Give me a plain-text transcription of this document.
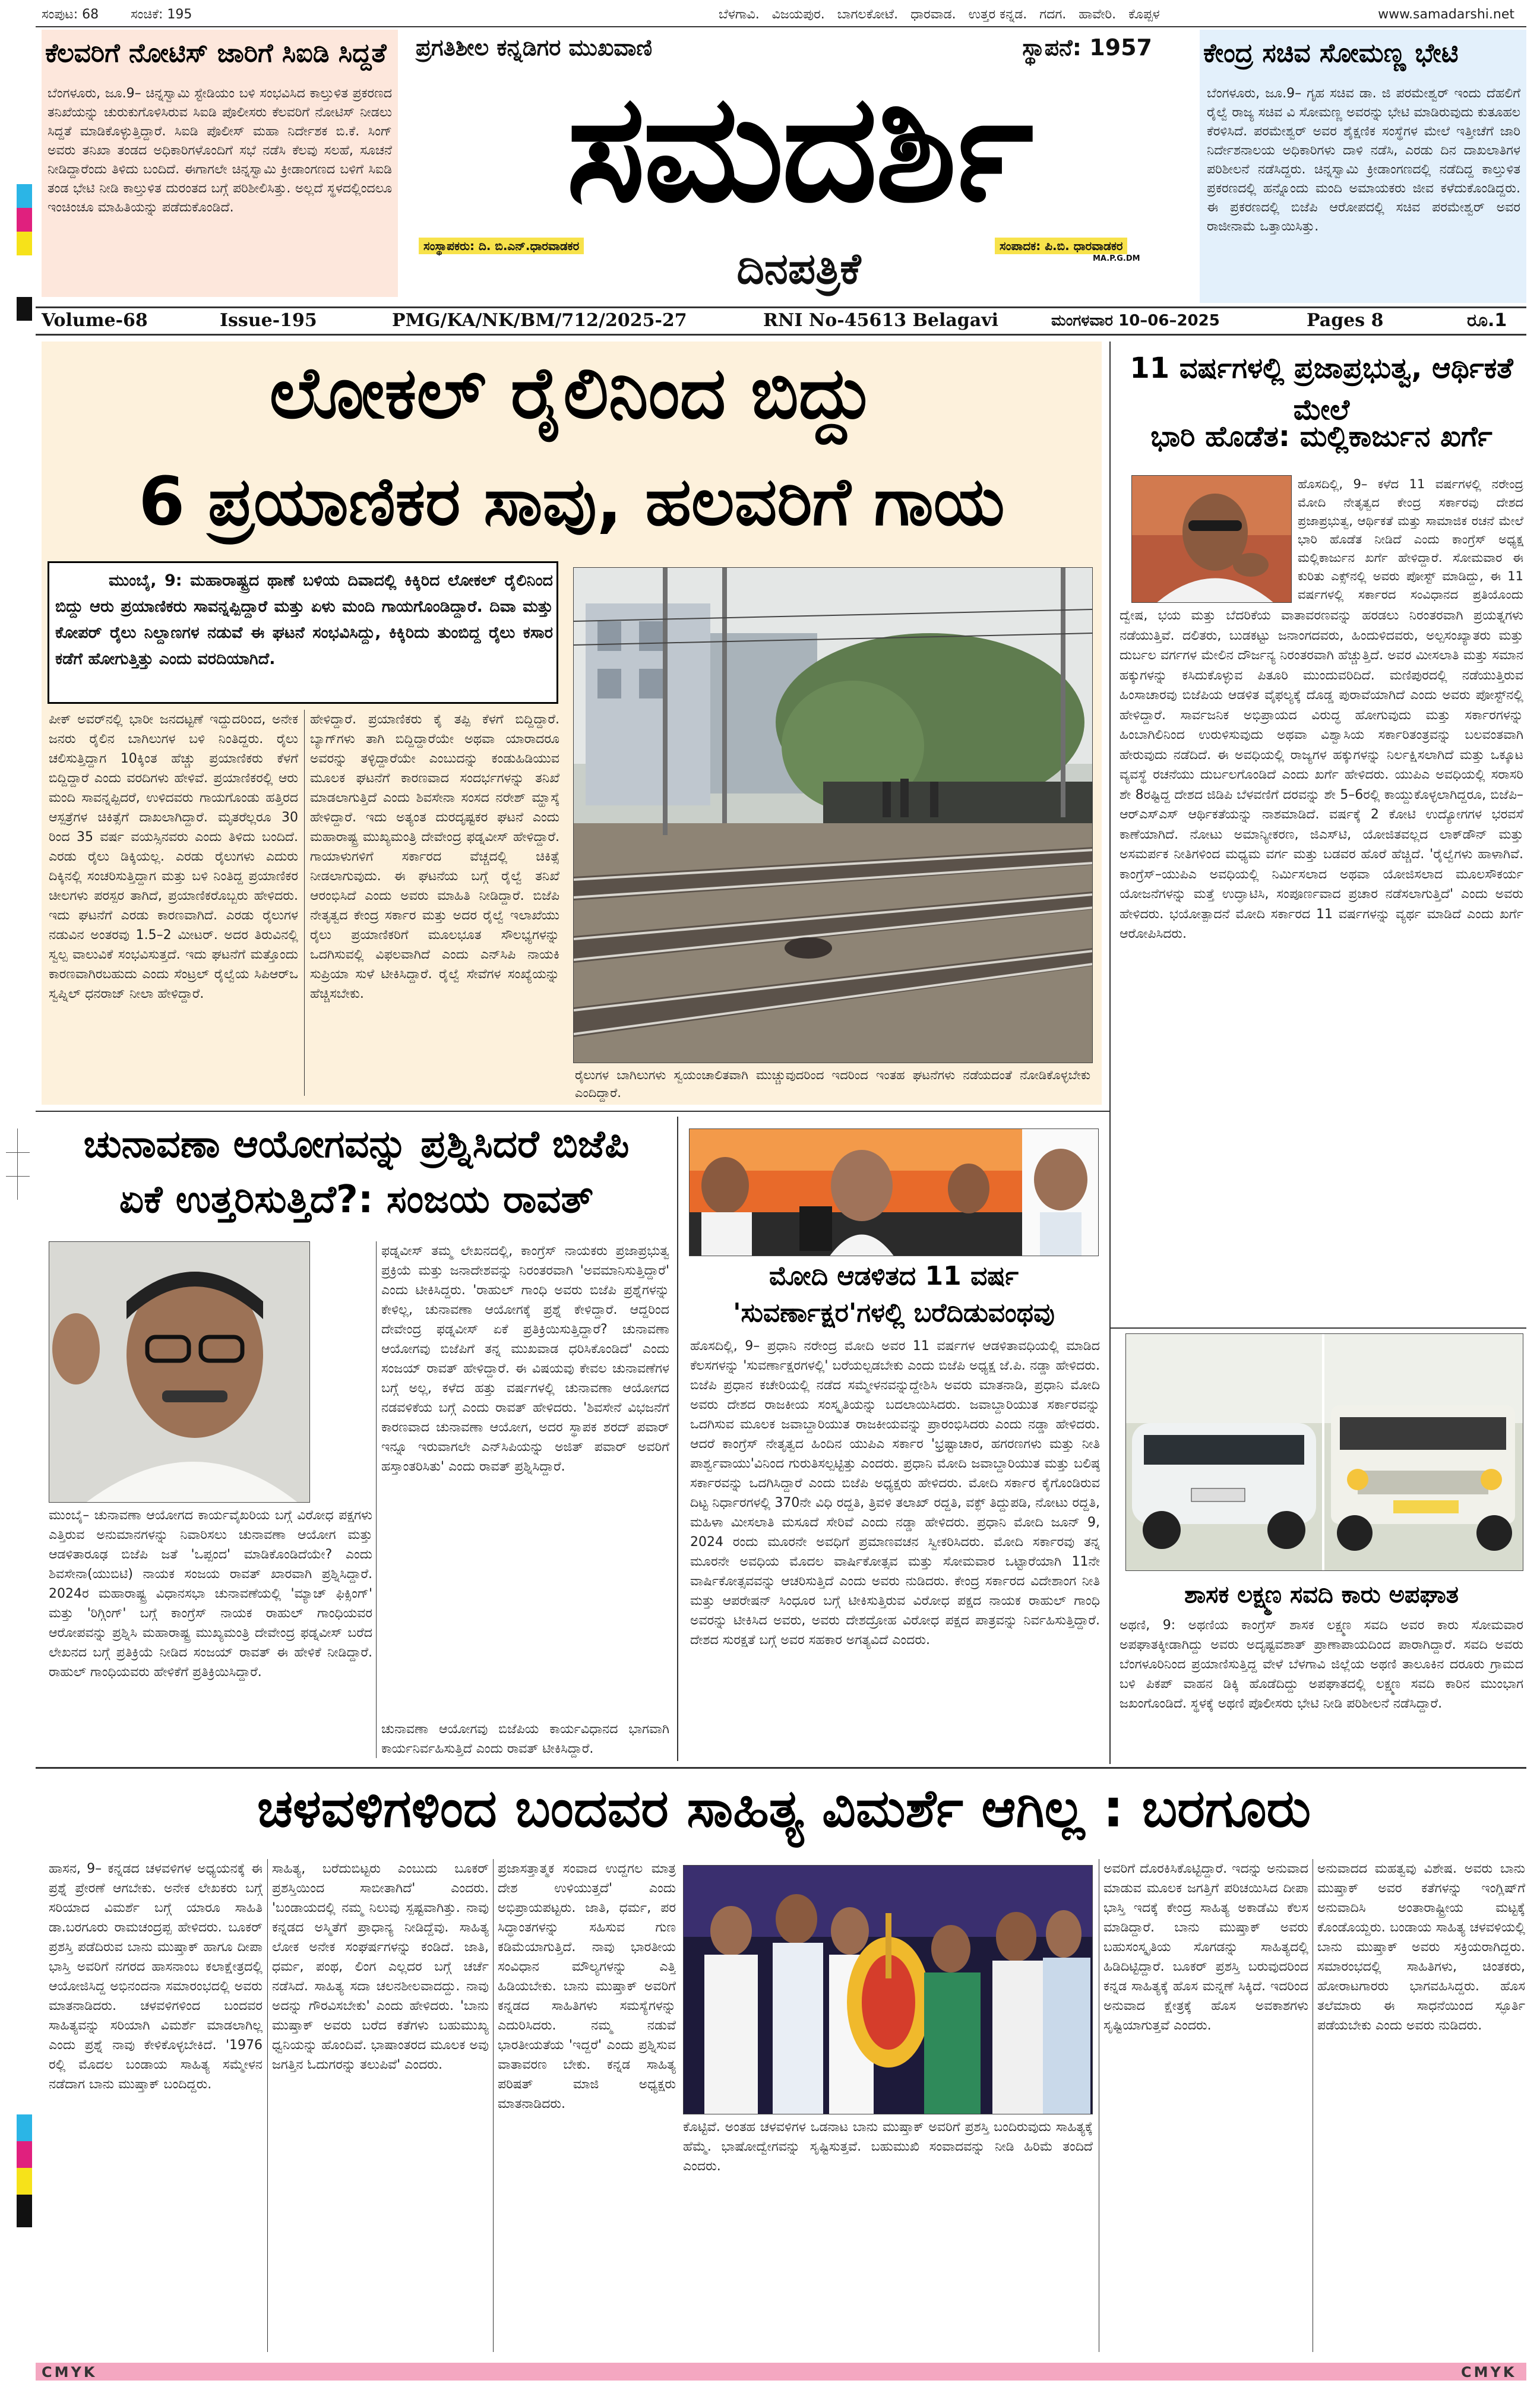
ಸಂಪುಟ: 68 ಸಂಚಿಕೆ: 195	ಬೆಳಗಾವಿ.   ವಿಜಯಪುರ.   ಬಾಗಲಕೋಟೆ.   ಧಾರವಾಡ.   ಉತ್ತರ ಕನ್ನಡ.   ಗದಗ.   ಹಾವೇರಿ.   ಕೊಪ್ಪಳ	www.samadarshi.net
ಕೆಲವರಿಗೆ ನೋಟಿಸ್ ಜಾರಿಗೆ ಸಿಐಡಿ ಸಿದ್ದತೆ
ಬೆಂಗಳೂರು, ಜೂ.9– ಚಿನ್ನಸ್ವಾಮಿ ಸ್ಟೇಡಿಯಂ ಬಳಿ ಸಂಭವಿಸಿದ ಕಾಲ್ತುಳಿತ ಪ್ರಕರಣದ ತನಿಖೆಯನ್ನು ಚುರುಕುಗೊಳಿಸಿರುವ ಸಿಐಡಿ ಪೊಲೀಸರು ಕೆಲವರಿಗೆ ನೋಟಿಸ್ ನೀಡಲು ಸಿದ್ದತೆ ಮಾಡಿಕೊಳ್ಳುತ್ತಿದ್ದಾರೆ. ಸಿಐಡಿ ಪೊಲೀಸ್ ಮಹಾ ನಿರ್ದೇಶಕ ಬಿ.ಕೆ. ಸಿಂಗ್ ಅವರು ತನಿಖಾ ತಂಡದ ಅಧಿಕಾರಿಗಳೊಂದಿಗೆ ಸಭೆ ನಡೆಸಿ ಕೆಲವು ಸಲಹೆ, ಸೂಚನೆ ನೀಡಿದ್ದಾರೆಂದು ತಿಳಿದು ಬಂದಿದೆ. ಈಗಾಗಲೇ ಚಿನ್ನಸ್ವಾಮಿ ಕ್ರೀಡಾಂಗಣದ ಬಳಿಗೆ ಸಿಐಡಿ ತಂಡ ಭೇಟಿ ನೀಡಿ ಕಾಲ್ತುಳಿತ ದುರಂತದ ಬಗ್ಗೆ ಪರಿಶೀಲಿಸಿತ್ತು. ಅಲ್ಲದೆ ಸ್ಥಳದಲ್ಲಿಂದಲೂ ಇಂಚಿಂಚೂ ಮಾಹಿತಿಯನ್ನು ಪಡೆದುಕೊಂಡಿದೆ.
ಪ್ರಗತಿಶೀಲ ಕನ್ನಡಿಗರ ಮುಖವಾಣಿ	ಸ್ಥಾಪನೆ: 1957
ಸಮದರ್ಶಿ
ಸಂಸ್ಥಾಪಕರು: ದಿ. ಬಿ.ಎನ್.ಧಾರವಾಡಕರ	ದಿನಪತ್ರಿಕೆ	ಸಂಪಾದಕ: ಪಿ.ಬಿ. ಧಾರವಾಡಕರ
MA.P.G.DM
ಕೇಂದ್ರ ಸಚಿವ ಸೋಮಣ್ಣ ಭೇಟಿ
ಬೆಂಗಳೂರು, ಜೂ.9– ಗೃಹ ಸಚಿವ ಡಾ. ಜಿ ಪರಮೇಶ್ವರ್ ಇಂದು ದೆಹಲಿಗೆ ರೈಲ್ವೆ ರಾಜ್ಯ ಸಚಿವ ವಿ ಸೋಮಣ್ಣ ಅವರನ್ನು ಭೇಟಿ ಮಾಡಿರುವುದು ಕುತೂಹಲ ಕೆರಳಿಸಿದೆ. ಪರಮೇಶ್ವರ್ ಅವರ ಶೈಕ್ಷಣಿಕ ಸಂಸ್ಥೆಗಳ ಮೇಲೆ ಇತ್ತೀಚೆಗೆ ಜಾರಿ ನಿರ್ದೇಶನಾಲಯ ಅಧಿಕಾರಿಗಳು ದಾಳಿ ನಡೆಸಿ, ಎರಡು ದಿನ ದಾಖಲಾತಿಗಳ ಪರಿಶೀಲನೆ ನಡೆಸಿದ್ದರು. ಚಿನ್ನಸ್ವಾಮಿ ಕ್ರೀಡಾಂಗಣದಲ್ಲಿ ನಡೆದಿದ್ದ ಕಾಲ್ತುಳಿತ ಪ್ರಕರಣದಲ್ಲಿ ಹನ್ನೊಂದು ಮಂದಿ ಅಮಾಯಕರು ಜೀವ ಕಳೆದುಕೊಂಡಿದ್ದರು. ಈ ಪ್ರಕರಣದಲ್ಲಿ ಬಿಜೆಪಿ ಆರೋಪದಲ್ಲಿ ಸಚಿವ ಪರಮೇಶ್ವರ್ ಅವರ ರಾಜೀನಾಮೆ ಒತ್ತಾಯಿಸಿತ್ತು.
Volume-68	Issue-195	PMG/KA/NK/BM/712/2025-27	RNI No-45613 Belagavi	ಮಂಗಳವಾರ 10–06–2025	Pages 8	ರೂ.1
ಲೋಕಲ್ ರೈಲಿನಿಂದ ಬಿದ್ದು
6 ಪ್ರಯಾಣಿಕರ ಸಾವು, ಹಲವರಿಗೆ ಗಾಯ
ಮುಂಬೈ, 9: ಮಹಾರಾಷ್ಟ್ರದ ಥಾಣೆ ಬಳಿಯ ದಿವಾದಲ್ಲಿ ಕಿಕ್ಕಿರಿದ ಲೋಕಲ್ ರೈಲಿನಿಂದ ಬಿದ್ದು ಆರು ಪ್ರಯಾಣಿಕರು ಸಾವನ್ನಪ್ಪಿದ್ದಾರೆ ಮತ್ತು ಏಳು ಮಂದಿ ಗಾಯಗೊಂಡಿದ್ದಾರೆ. ದಿವಾ ಮತ್ತು ಕೋಪರ್ ರೈಲು ನಿಲ್ದಾಣಗಳ ನಡುವೆ ಈ ಘಟನೆ ಸಂಭವಿಸಿದ್ದು, ಕಿಕ್ಕಿರಿದು ತುಂಬಿದ್ದ ರೈಲು ಕಸಾರ ಕಡೆಗೆ ಹೋಗುತ್ತಿತ್ತು ಎಂದು ವರದಿಯಾಗಿದೆ.
ಪೀಕ್ ಅವರ್‌ನಲ್ಲಿ ಭಾರೀ ಜನದಟ್ಟಣೆ ಇದ್ದುದರಿಂದ, ಅನೇಕ ಜನರು ರೈಲಿನ ಬಾಗಿಲುಗಳ ಬಳಿ ನಿಂತಿದ್ದರು. ರೈಲು ಚಲಿಸುತ್ತಿದ್ದಾಗ 10ಕ್ಕಿಂತ ಹೆಚ್ಚು ಪ್ರಯಾಣಿಕರು ಕೆಳಗೆ ಬಿದ್ದಿದ್ದಾರೆ ಎಂದು ವರದಿಗಳು ಹೇಳಿವೆ. ಪ್ರಯಾಣಿಕರಲ್ಲಿ ಆರು ಮಂದಿ ಸಾವನ್ನಪ್ಪಿದರೆ, ಉಳಿದವರು ಗಾಯಗೊಂಡು ಹತ್ತಿರದ ಆಸ್ಪತ್ರೆಗಳ ಚಿಕಿತ್ಸೆಗೆ ದಾಖಲಾಗಿದ್ದಾರೆ. ಮೃತರೆಲ್ಲರೂ 30 ರಿಂದ 35 ವರ್ಷ ವಯಸ್ಸಿನವರು ಎಂದು ತಿಳಿದು ಬಂದಿದೆ. ಎರಡು ರೈಲು ಡಿಕ್ಕಿಯಲ್ಲ. ಎರಡು ರೈಲುಗಳು ಎದುರು ದಿಕ್ಕಿನಲ್ಲಿ ಸಂಚರಿಸುತ್ತಿದ್ದಾಗ ಮತ್ತು ಬಳಿ ನಿಂತಿದ್ದ ಪ್ರಯಾಣಿಕರ ಚೀಲಗಳು ಪರಸ್ಪರ ತಾಗಿದೆ, ಪ್ರಯಾಣಿಕರೊಬ್ಬರು ಹೇಳಿದರು. ಇದು ಘಟನೆಗೆ ಎರಡು ಕಾರಣವಾಗಿದೆ. ಎರಡು ರೈಲುಗಳ ನಡುವಿನ ಅಂತರವು 1.5–2 ಮೀಟರ್. ಅದರ ತಿರುವಿನಲ್ಲಿ ಸ್ವಲ್ಪ ವಾಲುವಿಕೆ ಸಂಭವಿಸುತ್ತದೆ. ಇದು ಘಟನೆಗೆ ಮತ್ತೊಂದು ಕಾರಣವಾಗಿರಬಹುದು ಎಂದು ಸೆಂಟ್ರಲ್ ರೈಲ್ವೆಯ ಸಿಪಿಆರ್‌ಒ ಸ್ವಪ್ನಿಲ್ ಧನರಾಜ್ ನೀಲಾ ಹೇಳಿದ್ದಾರೆ.
ಹೇಳಿದ್ದಾರೆ. ಪ್ರಯಾಣಿಕರು ಕೈ ತಪ್ಪಿ ಕೆಳಗೆ ಬಿದ್ದಿದ್ದಾರೆ. ಬ್ಯಾಗ್‌ಗಳು ತಾಗಿ ಬಿದ್ದಿದ್ದಾರೆಯೇ ಅಥವಾ ಯಾರಾದರೂ ಅವರನ್ನು ತಳ್ಳಿದ್ದಾರೆಯೇ ಎಂಬುದನ್ನು ಕಂಡುಹಿಡಿಯುವ ಮೂಲಕ ಘಟನೆಗೆ ಕಾರಣವಾದ ಸಂದರ್ಭಗಳನ್ನು ತನಿಖೆ ಮಾಡಲಾಗುತ್ತಿದೆ ಎಂದು ಶಿವಸೇನಾ ಸಂಸದ ನರೇಶ್ ಮ್ಹಾಸ್ಕೆ ಹೇಳಿದ್ದಾರೆ. ಇದು ಅತ್ಯಂತ ದುರದೃಷ್ಟಕರ ಘಟನೆ ಎಂದು ಮಹಾರಾಷ್ಟ್ರ ಮುಖ್ಯಮಂತ್ರಿ ದೇವೇಂದ್ರ ಫಡ್ನವೀಸ್ ಹೇಳಿದ್ದಾರೆ. ಗಾಯಾಳುಗಳಿಗೆ ಸರ್ಕಾರದ ವೆಚ್ಚದಲ್ಲಿ ಚಿಕಿತ್ಸೆ ನೀಡಲಾಗುವುದು. ಈ ಘಟನೆಯ ಬಗ್ಗೆ ರೈಲ್ವೆ ತನಿಖೆ ಆರಂಭಿಸಿದೆ ಎಂದು ಅವರು ಮಾಹಿತಿ ನೀಡಿದ್ದಾರೆ. ಬಿಜೆಪಿ ನೇತೃತ್ವದ ಕೇಂದ್ರ ಸರ್ಕಾರ ಮತ್ತು ಅದರ ರೈಲ್ವೆ ಇಲಾಖೆಯು ರೈಲು ಪ್ರಯಾಣಿಕರಿಗೆ ಮೂಲಭೂತ ಸೌಲಭ್ಯಗಳನ್ನು ಒದಗಿಸುವಲ್ಲಿ ವಿಫಲವಾಗಿದೆ ಎಂದು ಎನ್‌ಸಿಪಿ ನಾಯಕಿ ಸುಪ್ರಿಯಾ ಸುಳೆ ಟೀಕಿಸಿದ್ದಾರೆ. ರೈಲ್ವೆ ಸೇವೆಗಳ ಸಂಖ್ಯೆಯನ್ನು ಹೆಚ್ಚಿಸಬೇಕು.
ರೈಲುಗಳ ಬಾಗಿಲುಗಳು ಸ್ವಯಂಚಾಲಿತವಾಗಿ ಮುಚ್ಚುವುದರಿಂದ ಇದರಿಂದ ಇಂತಹ ಘಟನೆಗಳು ನಡೆಯದಂತೆ ನೋಡಿಕೊಳ್ಳಬೇಕು ಎಂದಿದ್ದಾರೆ.
11 ವರ್ಷಗಳಲ್ಲಿ ಪ್ರಜಾಪ್ರಭುತ್ವ, ಆರ್ಥಿಕತೆ ಮೇಲೆ
ಭಾರಿ ಹೊಡೆತ: ಮಲ್ಲಿಕಾರ್ಜುನ ಖರ್ಗೆ
ಹೊಸದಿಲ್ಲಿ, 9– ಕಳೆದ 11 ವರ್ಷಗಳಲ್ಲಿ ನರೇಂದ್ರ ಮೋದಿ ನೇತೃತ್ವದ ಕೇಂದ್ರ ಸರ್ಕಾರವು ದೇಶದ ಪ್ರಜಾಪ್ರಭುತ್ವ, ಆರ್ಥಿಕತೆ ಮತ್ತು ಸಾಮಾಜಿಕ ರಚನೆ ಮೇಲೆ ಭಾರಿ ಹೊಡೆತ ನೀಡಿದೆ ಎಂದು ಕಾಂಗ್ರೆಸ್ ಅಧ್ಯಕ್ಷ ಮಲ್ಲಿಕಾರ್ಜುನ ಖರ್ಗೆ ಹೇಳಿದ್ದಾರೆ. ಸೋಮವಾರ ಈ ಕುರಿತು ಎಕ್ಸ್‌ನಲ್ಲಿ ಅವರು ಪೋಸ್ಟ್ ಮಾಡಿದ್ದು, ಈ 11 ವರ್ಷಗಳಲ್ಲಿ ಸರ್ಕಾರದ ಸಂವಿಧಾನದ ಪ್ರತಿಯೊಂದು
ದ್ವೇಷ, ಭಯ ಮತ್ತು ಬೆದರಿಕೆಯ ವಾತಾವರಣವನ್ನು ಹರಡಲು ನಿರಂತರವಾಗಿ ಪ್ರಯತ್ನಗಳು ನಡೆಯುತ್ತಿವೆ. ದಲಿತರು, ಬುಡಕಟ್ಟು ಜನಾಂಗದವರು, ಹಿಂದುಳಿದವರು, ಅಲ್ಪಸಂಖ್ಯಾತರು ಮತ್ತು ದುರ್ಬಲ ವರ್ಗಗಳ ಮೇಲಿನ ದೌರ್ಜನ್ಯ ನಿರಂತರವಾಗಿ ಹೆಚ್ಚುತ್ತಿದೆ. ಅವರ ಮೀಸಲಾತಿ ಮತ್ತು ಸಮಾನ ಹಕ್ಕುಗಳನ್ನು ಕಸಿದುಕೊಳ್ಳುವ ಪಿತೂರಿ ಮುಂದುವರಿದಿದೆ. ಮಣಿಪುರದಲ್ಲಿ ನಡೆಯುತ್ತಿರುವ ಹಿಂಸಾಚಾರವು ಬಿಜೆಪಿಯ ಆಡಳಿತ ವೈಫಲ್ಯಕ್ಕೆ ದೊಡ್ಡ ಪುರಾವೆಯಾಗಿದೆ ಎಂದು ಅವರು ಪೋಸ್ಟ್‌ನಲ್ಲಿ ಹೇಳಿದ್ದಾರೆ. ಸಾರ್ವಜನಿಕ ಅಭಿಪ್ರಾಯದ ವಿರುದ್ಧ ಹೋಗುವುದು ಮತ್ತು ಸರ್ಕಾರಗಳನ್ನು ಹಿಂಬಾಗಿಲಿನಿಂದ ಉರುಳಿಸುವುದು ಅಥವಾ ವಿಶ್ವಾಸಿಯ ಸರ್ಕಾರಿತಂತ್ರವನ್ನು ಬಲವಂತವಾಗಿ ಹೇರುವುದು ನಡೆದಿದೆ. ಈ ಅವಧಿಯಲ್ಲಿ ರಾಜ್ಯಗಳ ಹಕ್ಕುಗಳನ್ನು ನಿರ್ಲಕ್ಷಿಸಲಾಗಿದೆ ಮತ್ತು ಒಕ್ಕೂಟ ವ್ಯವಸ್ಥೆ ರಚನೆಯು ದುರ್ಬಲಗೊಂಡಿದೆ ಎಂದು ಖರ್ಗೆ ಹೇಳಿದರು. ಯುಪಿಎ ಅವಧಿಯಲ್ಲಿ ಸರಾಸರಿ ಶೇ 8ರಷ್ಟಿದ್ದ ದೇಶದ ಜಿಡಿಪಿ ಬೆಳವಣಿಗೆ ದರವನ್ನು ಶೇ 5–6ರಲ್ಲಿ ಕಾಯ್ದುಕೊಳ್ಳಲಾಗಿದ್ದರೂ, ಬಿಜೆಪಿ–ಆರ್‌ಎಸ್‌ಎಸ್ ಆರ್ಥಿಕತೆಯನ್ನು ನಾಶಮಾಡಿದೆ. ವರ್ಷಕ್ಕೆ 2 ಕೋಟಿ ಉದ್ಯೋಗಗಳ ಭರವಸೆ ಕಾಣೆಯಾಗಿದೆ. ನೋಟು ಅಮಾನ್ಯೀಕರಣ, ಜಿಎಸ್‌ಟಿ, ಯೋಜಿತವಲ್ಲದ ಲಾಕ್‌ಡೌನ್ ಮತ್ತು ಅಸಮರ್ಪಕ ನೀತಿಗಳಿಂದ ಮಧ್ಯಮ ವರ್ಗ ಮತ್ತು ಬಡವರ ಹೊರೆ ಹೆಚ್ಚಿದೆ. 'ರೈಲ್ವೆಗಳು ಹಾಳಾಗಿವೆ. ಕಾಂಗ್ರೆಸ್–ಯುಪಿಎ ಅವಧಿಯಲ್ಲಿ ನಿರ್ಮಿಸಲಾದ ಅಥವಾ ಯೋಜಿಸಲಾದ ಮೂಲಸೌಕರ್ಯ ಯೋಜನೆಗಳನ್ನು ಮತ್ತೆ ಉದ್ಘಾಟಿಸಿ, ಸಂಪೂರ್ಣವಾದ ಪ್ರಚಾರ ನಡೆಸಲಾಗುತ್ತಿದೆ' ಎಂದು ಅವರು ಹೇಳಿದರು. ಭಯೋತ್ಪಾದನೆ ಮೋದಿ ಸರ್ಕಾರದ 11 ವರ್ಷಗಳನ್ನು ವ್ಯರ್ಥ ಮಾಡಿದೆ ಎಂದು ಖರ್ಗೆ ಆರೋಪಿಸಿದರು.
ಚುನಾವಣಾ ಆಯೋಗವನ್ನು ಪ್ರಶ್ನಿಸಿದರೆ ಬಿಜೆಪಿ
ಏಕೆ ಉತ್ತರಿಸುತ್ತಿದೆ?: ಸಂಜಯ ರಾವತ್
ಮುಂಬೈ– ಚುನಾವಣಾ ಆಯೋಗದ ಕಾರ್ಯವೈಖರಿಯ ಬಗ್ಗೆ ವಿರೋಧ ಪಕ್ಷಗಳು ಎತ್ತಿರುವ ಅನುಮಾನಗಳನ್ನು ನಿವಾರಿಸಲು ಚುನಾವಣಾ ಆಯೋಗ ಮತ್ತು ಆಡಳಿತಾರೂಢ ಬಿಜೆಪಿ ಜತೆ 'ಒಪ್ಪಂದ' ಮಾಡಿಕೊಂಡಿದೆಯೇ? ಎಂದು ಶಿವಸೇನಾ(ಯುಬಿಟಿ) ನಾಯಕ ಸಂಜಯ ರಾವತ್ ಖಾರವಾಗಿ ಪ್ರಶ್ನಿಸಿದ್ದಾರೆ. 2024ರ ಮಹಾರಾಷ್ಟ್ರ ವಿಧಾನಸಭಾ ಚುನಾವಣೆಯಲ್ಲಿ 'ಮ್ಯಾಚ್ ಫಿಕ್ಸಿಂಗ್' ಮತ್ತು 'ರಿಗ್ಗಿಂಗ್' ಬಗ್ಗೆ ಕಾಂಗ್ರೆಸ್ ನಾಯಕ ರಾಹುಲ್ ಗಾಂಧಿಯವರ ಆರೋಪವನ್ನು ಪ್ರಶ್ನಿಸಿ ಮಹಾರಾಷ್ಟ್ರ ಮುಖ್ಯಮಂತ್ರಿ ದೇವೇಂದ್ರ ಫಡ್ನವೀಸ್ ಬರೆದ ಲೇಖನದ ಬಗ್ಗೆ ಪ್ರತಿಕ್ರಿಯೆ ನೀಡಿದ ಸಂಜಯ್ ರಾವತ್ ಈ ಹೇಳಿಕೆ ನೀಡಿದ್ದಾರೆ. ರಾಹುಲ್ ಗಾಂಧಿಯವರು ಹೇಳಿಕೆಗೆ ಪ್ರತಿಕ್ರಿಯಿಸಿದ್ದಾರೆ.
ಫಡ್ನವೀಸ್ ತಮ್ಮ ಲೇಖನದಲ್ಲಿ, ಕಾಂಗ್ರೆಸ್ ನಾಯಕರು ಪ್ರಜಾಪ್ರಭುತ್ವ ಪ್ರಕ್ರಿಯೆ ಮತ್ತು ಜನಾದೇಶವನ್ನು ನಿರಂತರವಾಗಿ 'ಅವಮಾನಿಸುತ್ತಿದ್ದಾರೆ' ಎಂದು ಟೀಕಿಸಿದ್ದರು. 'ರಾಹುಲ್ ಗಾಂಧಿ ಅವರು ಬಿಜೆಪಿ ಪ್ರಶ್ನೆಗಳನ್ನು ಕೇಳಿಲ್ಲ, ಚುನಾವಣಾ ಆಯೋಗಕ್ಕೆ ಪ್ರಶ್ನೆ ಕೇಳಿದ್ದಾರೆ. ಆದ್ದರಿಂದ ದೇವೇಂದ್ರ ಫಡ್ನವೀಸ್ ಏಕೆ ಪ್ರತಿಕ್ರಿಯಿಸುತ್ತಿದ್ದಾರೆ? ಚುನಾವಣಾ ಆಯೋಗವು ಬಿಜೆಪಿಗೆ ತನ್ನ ಮುಖವಾಡ ಧರಿಸಿಕೊಂಡಿದೆ' ಎಂದು ಸಂಜಯ್ ರಾವತ್ ಹೇಳಿದ್ದಾರೆ. ಈ ವಿಷಯವು ಕೇವಲ ಚುನಾವಣೆಗಳ ಬಗ್ಗೆ ಅಲ್ಲ, ಕಳೆದ ಹತ್ತು ವರ್ಷಗಳಲ್ಲಿ ಚುನಾವಣಾ ಆಯೋಗದ ನಡವಳಿಕೆಯ ಬಗ್ಗೆ ಎಂದು ರಾವತ್ ಹೇಳಿದರು. 'ಶಿವಸೇನೆ ವಿಭಜನೆಗೆ ಕಾರಣವಾದ ಚುನಾವಣಾ ಆಯೋಗ, ಅದರ ಸ್ಥಾಪಕ ಶರದ್ ಪವಾರ್ ಇನ್ನೂ ಇರುವಾಗಲೇ ಎನ್‌ಸಿಪಿಯನ್ನು ಅಜಿತ್ ಪವಾರ್ ಅವರಿಗೆ ಹಸ್ತಾಂತರಿಸಿತು' ಎಂದು ರಾವತ್ ಪ್ರಶ್ನಿಸಿದ್ದಾರೆ.
ಚುನಾವಣಾ ಆಯೋಗವು ಬಿಜೆಪಿಯ ಕಾರ್ಯವಿಧಾನದ ಭಾಗವಾಗಿ ಕಾರ್ಯನಿರ್ವಹಿಸುತ್ತಿದೆ ಎಂದು ರಾವತ್ ಟೀಕಿಸಿದ್ದಾರೆ.
ಮೋದಿ ಆಡಳಿತದ 11 ವರ್ಷ
'ಸುವರ್ಣಾಕ್ಷರ'ಗಳಲ್ಲಿ ಬರೆದಿಡುವಂಥವು
ಹೊಸದಿಲ್ಲಿ, 9– ಪ್ರಧಾನಿ ನರೇಂದ್ರ ಮೋದಿ ಅವರ 11 ವರ್ಷಗಳ ಆಡಳಿತಾವಧಿಯಲ್ಲಿ ಮಾಡಿದ ಕೆಲಸಗಳನ್ನು 'ಸುವರ್ಣಾಕ್ಷರಗಳಲ್ಲಿ' ಬರೆಯಲ್ಪಡಬೇಕು ಎಂದು ಬಿಜೆಪಿ ಅಧ್ಯಕ್ಷ ಜೆ.ಪಿ. ನಡ್ಡಾ ಹೇಳಿದರು. ಬಿಜೆಪಿ ಪ್ರಧಾನ ಕಚೇರಿಯಲ್ಲಿ ನಡೆದ ಸಮ್ಮೇಳನವನ್ನುದ್ದೇಶಿಸಿ ಅವರು ಮಾತನಾಡಿ, ಪ್ರಧಾನಿ ಮೋದಿ ಅವರು ದೇಶದ ರಾಜಕೀಯ ಸಂಸ್ಕೃತಿಯನ್ನು ಬದಲಾಯಿಸಿದರು. ಜವಾಬ್ದಾರಿಯುತ ಸರ್ಕಾರವನ್ನು ಒದಗಿಸುವ ಮೂಲಕ ಜವಾಬ್ದಾರಿಯುತ ರಾಜಕೀಯವನ್ನು ಪ್ರಾರಂಭಿಸಿದರು ಎಂದು ನಡ್ಡಾ ಹೇಳಿದರು. ಆದರೆ ಕಾಂಗ್ರೆಸ್ ನೇತೃತ್ವದ ಹಿಂದಿನ ಯುಪಿಎ ಸರ್ಕಾರ 'ಭ್ರಷ್ಟಾಚಾರ, ಹಗರಣಗಳು ಮತ್ತು ನೀತಿ ಪಾರ್ಶ್ವವಾಯು'ವಿನಿಂದ ಗುರುತಿಸಲ್ಪಟ್ಟಿತ್ತು ಎಂದರು. ಪ್ರಧಾನಿ ಮೋದಿ ಜವಾಬ್ದಾರಿಯುತ ಮತ್ತು ಬಲಿಷ್ಠ ಸರ್ಕಾರವನ್ನು ಒದಗಿಸಿದ್ದಾರೆ ಎಂದು ಬಿಜೆಪಿ ಅಧ್ಯಕ್ಷರು ಹೇಳಿದರು. ಮೋದಿ ಸರ್ಕಾರ ಕೈಗೊಂಡಿರುವ ದಿಟ್ಟ ನಿರ್ಧಾರಗಳಲ್ಲಿ 370ನೇ ವಿಧಿ ರದ್ದತಿ, ತ್ರಿವಳಿ ತಲಾಖ್ ರದ್ದತಿ, ವಕ್ಫ್ ತಿದ್ದುಪಡಿ, ನೋಟು ರದ್ದತಿ, ಮಹಿಳಾ ಮೀಸಲಾತಿ ಮಸೂದೆ ಸೇರಿವೆ ಎಂದು ನಡ್ಡಾ ಹೇಳಿದರು. ಪ್ರಧಾನಿ ಮೋದಿ ಜೂನ್ 9, 2024 ರಂದು ಮೂರನೇ ಅವಧಿಗೆ ಪ್ರಮಾಣವಚನ ಸ್ವೀಕರಿಸಿದರು. ಮೋದಿ ಸರ್ಕಾರವು ತನ್ನ ಮೂರನೇ ಅವಧಿಯ ಮೊದಲ ವಾರ್ಷಿಕೋತ್ಸವ ಮತ್ತು ಸೋಮವಾರ ಒಟ್ಟಾರೆಯಾಗಿ 11ನೇ ವಾರ್ಷಿಕೋತ್ಸವವನ್ನು ಆಚರಿಸುತ್ತಿದೆ ಎಂದು ಅವರು ನುಡಿದರು. ಕೇಂದ್ರ ಸರ್ಕಾರದ ವಿದೇಶಾಂಗ ನೀತಿ ಮತ್ತು ಆಪರೇಷನ್ ಸಿಂಧೂರ ಬಗ್ಗೆ ಟೀಕಿಸುತ್ತಿರುವ ವಿರೋಧ ಪಕ್ಷದ ನಾಯಕ ರಾಹುಲ್ ಗಾಂಧಿ ಅವರನ್ನು ಟೀಕಿಸಿದ ಅವರು, ಅವರು ದೇಶದ್ರೋಹ ವಿರೋಧ ಪಕ್ಷದ ಪಾತ್ರವನ್ನು ನಿರ್ವಹಿಸುತ್ತಿದ್ದಾರೆ. ದೇಶದ ಸುರಕ್ಷತೆ ಬಗ್ಗೆ ಅವರ ಸಹಕಾರ ಅಗತ್ಯವಿದೆ ಎಂದರು.
ಶಾಸಕ ಲಕ್ಷ್ಮಣ ಸವದಿ ಕಾರು ಅಪಘಾತ
ಅಥಣಿ, 9: ಅಥಣಿಯ ಕಾಂಗ್ರೆಸ್ ಶಾಸಕ ಲಕ್ಷ್ಮಣ ಸವದಿ ಅವರ ಕಾರು ಸೋಮವಾರ ಅಪಘಾತಕ್ಕೀಡಾಗಿದ್ದು ಅವರು ಅದೃಷ್ಟವಶಾತ್ ಪ್ರಾಣಾಪಾಯದಿಂದ ಪಾರಾಗಿದ್ದಾರೆ. ಸವದಿ ಅವರು ಬೆಂಗಳೂರಿನಿಂದ ಪ್ರಯಾಣಿಸುತ್ತಿದ್ದ ವೇಳೆ ಬೆಳಗಾವಿ ಜಿಲ್ಲೆಯ ಅಥಣಿ ತಾಲೂಕಿನ ದರೂರು ಗ್ರಾಮದ ಬಳಿ ಪಿಕಪ್ ವಾಹನ ಡಿಕ್ಕಿ ಹೊಡೆದಿದ್ದು ಅಪಘಾತದಲ್ಲಿ ಲಕ್ಷ್ಮಣ ಸವದಿ ಕಾರಿನ ಮುಂಭಾಗ ಜಖಂಗೊಂಡಿದೆ. ಸ್ಥಳಕ್ಕೆ ಅಥಣಿ ಪೊಲೀಸರು ಭೇಟಿ ನೀಡಿ ಪರಿಶೀಲನೆ ನಡೆಸಿದ್ದಾರೆ.
ಚಳವಳಿಗಳಿಂದ ಬಂದವರ ಸಾಹಿತ್ಯ ವಿಮರ್ಶೆ ಆಗಿಲ್ಲ : ಬರಗೂರು
ಹಾಸನ, 9– ಕನ್ನಡದ ಚಳವಳಿಗಳ ಅಧ್ಯಯನಕ್ಕೆ ಈ ಪ್ರಶ್ನೆ ಪ್ರೇರಣೆ ಆಗಬೇಕು. ಅನೇಕ ಲೇಖಕರು ಬಗ್ಗೆ ಸರಿಯಾದ ವಿಮರ್ಶೆ ಬಗ್ಗೆ ಯಾರೂ ಸಾಹಿತಿ ಡಾ.ಬರಗೂರು ರಾಮಚಂದ್ರಪ್ಪ ಹೇಳಿದರು. ಬೂಕರ್ ಪ್ರಶಸ್ತಿ ಪಡೆದಿರುವ ಬಾನು ಮುಷ್ತಾಕ್ ಹಾಗೂ ದೀಪಾ ಭಾಸ್ತಿ ಅವರಿಗೆ ನಗರದ ಹಾಸನಾಂಬ ಕಲಾಕ್ಷೇತ್ರದಲ್ಲಿ ಆಯೋಜಿಸಿದ್ದ ಅಭಿನಂದನಾ ಸಮಾರಂಭದಲ್ಲಿ ಅವರು ಮಾತನಾಡಿದರು. ಚಳವಳಿಗಳಿಂದ ಬಂದವರ ಸಾಹಿತ್ಯವನ್ನು ಸರಿಯಾಗಿ ವಿಮರ್ಶೆ ಮಾಡಲಾಗಿಲ್ಲ ಎಂದು ಪ್ರಶ್ನೆ ನಾವು ಕೇಳಿಕೊಳ್ಳಬೇಕಿದೆ. '1976 ರಲ್ಲಿ ಮೊದಲ ಬಂಡಾಯ ಸಾಹಿತ್ಯ ಸಮ್ಮೇಳನ ನಡೆದಾಗ ಬಾನು ಮುಷ್ತಾಕ್ ಬಂದಿದ್ದರು.
ಸಾಹಿತ್ಯ, ಬರೆದುಬಿಟ್ಟರು ಎಂಬುದು ಬೂಕರ್ ಪ್ರಶಸ್ತಿಯಿಂದ ಸಾಬೀತಾಗಿದೆ' ಎಂದರು. 'ಬಂಡಾಯದಲ್ಲಿ ನಮ್ಮ ನಿಲುವು ಸ್ಪಷ್ಟವಾಗಿತ್ತು. ನಾವು ಕನ್ನಡದ ಅಸ್ಮಿತೆಗೆ ಪ್ರಾಧಾನ್ಯ ನೀಡಿದ್ದೆವು. ಸಾಹಿತ್ಯ ಲೋಕ ಅನೇಕ ಸಂಘರ್ಷಗಳನ್ನು ಕಂಡಿದೆ. ಜಾತಿ, ಧರ್ಮ, ಪಂಥ, ಲಿಂಗ ಎಲ್ಲದರ ಬಗ್ಗೆ ಚರ್ಚೆ ನಡೆಸಿದೆ. ಸಾಹಿತ್ಯ ಸದಾ ಚಲನಶೀಲವಾದದ್ದು. ನಾವು ಅದನ್ನು ಗೌರವಿಸಬೇಕು' ಎಂದು ಹೇಳಿದರು. 'ಬಾನು ಮುಷ್ತಾಕ್ ಅವರು ಬರೆದ ಕತೆಗಳು ಬಹುಮುಖ್ಯ ಧ್ವನಿಯನ್ನು ಹೊಂದಿವೆ. ಭಾಷಾಂತರದ ಮೂಲಕ ಅವು ಜಗತ್ತಿನ ಓದುಗರನ್ನು ತಲುಪಿವೆ' ಎಂದರು.
ಪ್ರಜಾಸತ್ತಾತ್ಮಕ ಸಂವಾದ ಉದ್ದಗಲ ಮಾತ್ರ ದೇಶ ಉಳಿಯುತ್ತದೆ' ಎಂದು ಅಭಿಪ್ರಾಯಪಟ್ಟರು. ಜಾತಿ, ಧರ್ಮ, ಪರ ಸಿದ್ಧಾಂತಗಳನ್ನು ಸಹಿಸುವ ಗುಣ ಕಡಿಮೆಯಾಗುತ್ತಿದೆ. ನಾವು ಭಾರತೀಯ ಸಂವಿಧಾನ ಮೌಲ್ಯಗಳನ್ನು ಎತ್ತಿ ಹಿಡಿಯಬೇಕು. ಬಾನು ಮುಷ್ತಾಕ್ ಅವರಿಗೆ ಕನ್ನಡದ ಸಾಹಿತಿಗಳು ಸಮಸ್ಯೆಗಳನ್ನು ಎದುರಿಸಿದರು. ನಮ್ಮ ನಡುವೆ ಭಾರತೀಯತೆಯ 'ಇದ್ದರೆ' ಎಂದು ಪ್ರಶ್ನಿಸುವ ವಾತಾವರಣ ಬೇಕು. ಕನ್ನಡ ಸಾಹಿತ್ಯ ಪರಿಷತ್ ಮಾಜಿ ಅಧ್ಯಕ್ಷರು ಮಾತನಾಡಿದರು.
ಕೊಟ್ಟಿವೆ. ಅಂತಹ ಚಳವಳಿಗಳ ಒಡನಾಟ ಬಾನು ಮುಷ್ತಾಕ್ ಅವರಿಗೆ ಪ್ರಶಸ್ತಿ ಬಂದಿರುವುದು ಸಾಹಿತ್ಯಕ್ಕೆ ಹೆಮ್ಮೆ. ಭಾಷೋದ್ವೇಗವನ್ನು ಸೃಷ್ಟಿಸುತ್ತವೆ. ಬಹುಮುಖಿ ಸಂವಾದವನ್ನು ನೀಡಿ ಹಿರಿಮೆ ತಂದಿದೆ ಎಂದರು.
ಅವರಿಗೆ ದೊರಕಿಸಿಕೊಟ್ಟಿದ್ದಾರೆ. ಇದನ್ನು ಅನುವಾದ ಮಾಡುವ ಮೂಲಕ ಜಗತ್ತಿಗೆ ಪರಿಚಯಿಸಿದ ದೀಪಾ ಭಾಸ್ತಿ ಇದಕ್ಕೆ ಕೇಂದ್ರ ಸಾಹಿತ್ಯ ಅಕಾಡೆಮಿ ಕೆಲಸ ಮಾಡಿದ್ದಾರೆ. ಬಾನು ಮುಷ್ತಾಕ್ ಅವರು ಬಹುಸಂಸ್ಕೃತಿಯ ಸೊಗಡನ್ನು ಸಾಹಿತ್ಯದಲ್ಲಿ ಹಿಡಿದಿಟ್ಟಿದ್ದಾರೆ. ಬೂಕರ್ ಪ್ರಶಸ್ತಿ ಬರುವುದರಿಂದ ಕನ್ನಡ ಸಾಹಿತ್ಯಕ್ಕೆ ಹೊಸ ಮನ್ನಣೆ ಸಿಕ್ಕಿದೆ. ಇದರಿಂದ ಅನುವಾದ ಕ್ಷೇತ್ರಕ್ಕೆ ಹೊಸ ಅವಕಾಶಗಳು ಸೃಷ್ಟಿಯಾಗುತ್ತವೆ ಎಂದರು.
ಅನುವಾದದ ಮಹತ್ವವು ವಿಶೇಷ. ಅವರು ಬಾನು ಮುಷ್ತಾಕ್ ಅವರ ಕತೆಗಳನ್ನು ಇಂಗ್ಲಿಷ್‌ಗೆ ಅನುವಾದಿಸಿ ಅಂತಾರಾಷ್ಟ್ರೀಯ ಮಟ್ಟಕ್ಕೆ ಕೊಂಡೊಯ್ದರು. ಬಂಡಾಯ ಸಾಹಿತ್ಯ ಚಳವಳಿಯಲ್ಲಿ ಬಾನು ಮುಷ್ತಾಕ್ ಅವರು ಸಕ್ರಿಯರಾಗಿದ್ದರು. ಸಮಾರಂಭದಲ್ಲಿ ಸಾಹಿತಿಗಳು, ಚಿಂತಕರು, ಹೋರಾಟಗಾರರು ಭಾಗವಹಿಸಿದ್ದರು. ಹೊಸ ತಲೆಮಾರು ಈ ಸಾಧನೆಯಿಂದ ಸ್ಫೂರ್ತಿ ಪಡೆಯಬೇಕು ಎಂದು ಅವರು ನುಡಿದರು.
CMYK	CMYK
